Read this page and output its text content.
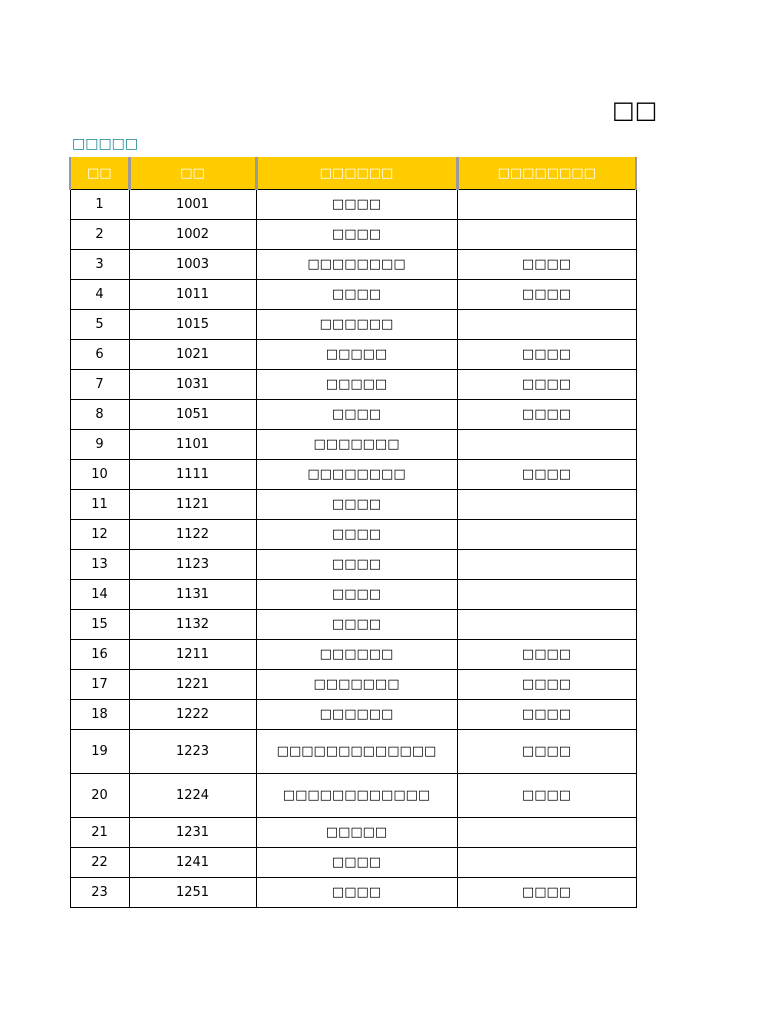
□□
□□□□□
□□	□□	□□□□□□	□□□□□□□□
1	1001	□□□□	
2	1002	□□□□	
3	1003	□□□□□□□□	□□□□
4	1011	□□□□	□□□□
5	1015	□□□□□□	
6	1021	□□□□□	□□□□
7	1031	□□□□□	□□□□
8	1051	□□□□	□□□□
9	1101	□□□□□□□	
10	1111	□□□□□□□□	□□□□
11	1121	□□□□	
12	1122	□□□□	
13	1123	□□□□	
14	1131	□□□□	
15	1132	□□□□	
16	1211	□□□□□□	□□□□
17	1221	□□□□□□□	□□□□
18	1222	□□□□□□	□□□□
19	1223	□□□□□□□□□□□□□	□□□□
20	1224	□□□□□□□□□□□□	□□□□
21	1231	□□□□□	
22	1241	□□□□	
23	1251	□□□□	□□□□
